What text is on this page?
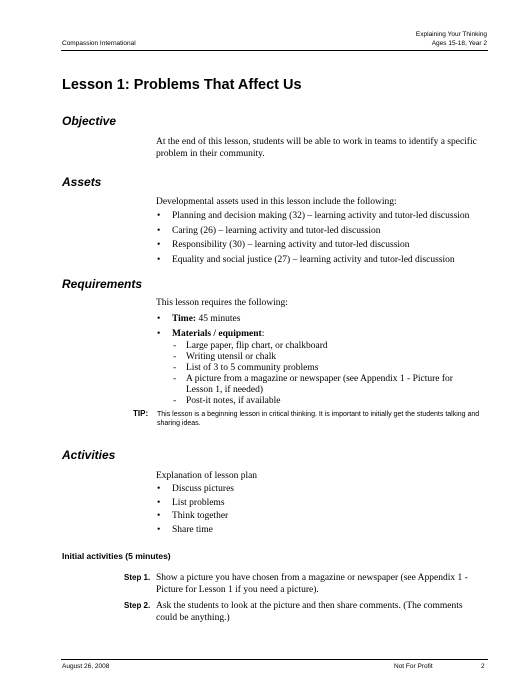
Compassion International
Explaining Your Thinking
Ages 15-18, Year 2
Lesson 1: Problems That Affect Us
Objective
At the end of this lesson, students will be able to work in teams to identify a specific problem in their community.
Assets
Developmental assets used in this lesson include the following:
• Planning and decision making (32) – learning activity and tutor-led discussion
• Caring (26) – learning activity and tutor-led discussion
• Responsibility (30) – learning activity and tutor-led discussion
• Equality and social justice (27) – learning activity and tutor-led discussion
Requirements
This lesson requires the following:
• Time: 45 minutes
• Materials / equipment:
- Large paper, flip chart, or chalkboard
- Writing utensil or chalk
- List of 3 to 5 community problems
- A picture from a magazine or newspaper (see Appendix 1 - Picture for Lesson 1, if needed)
- Post-it notes, if available
TIP: This lesson is a beginning lesson in critical thinking. It is important to initially get the students talking and sharing ideas.
Activities
Explanation of lesson plan
• Discuss pictures
• List problems
• Think together
• Share time
Initial activities (5 minutes)
Step 1. Show a picture you have chosen from a magazine or newspaper (see Appendix 1 - Picture for Lesson 1 if you need a picture).
Step 2. Ask the students to look at the picture and then share comments. (The comments could be anything.)
August 26, 2008	Not For Profit	2
